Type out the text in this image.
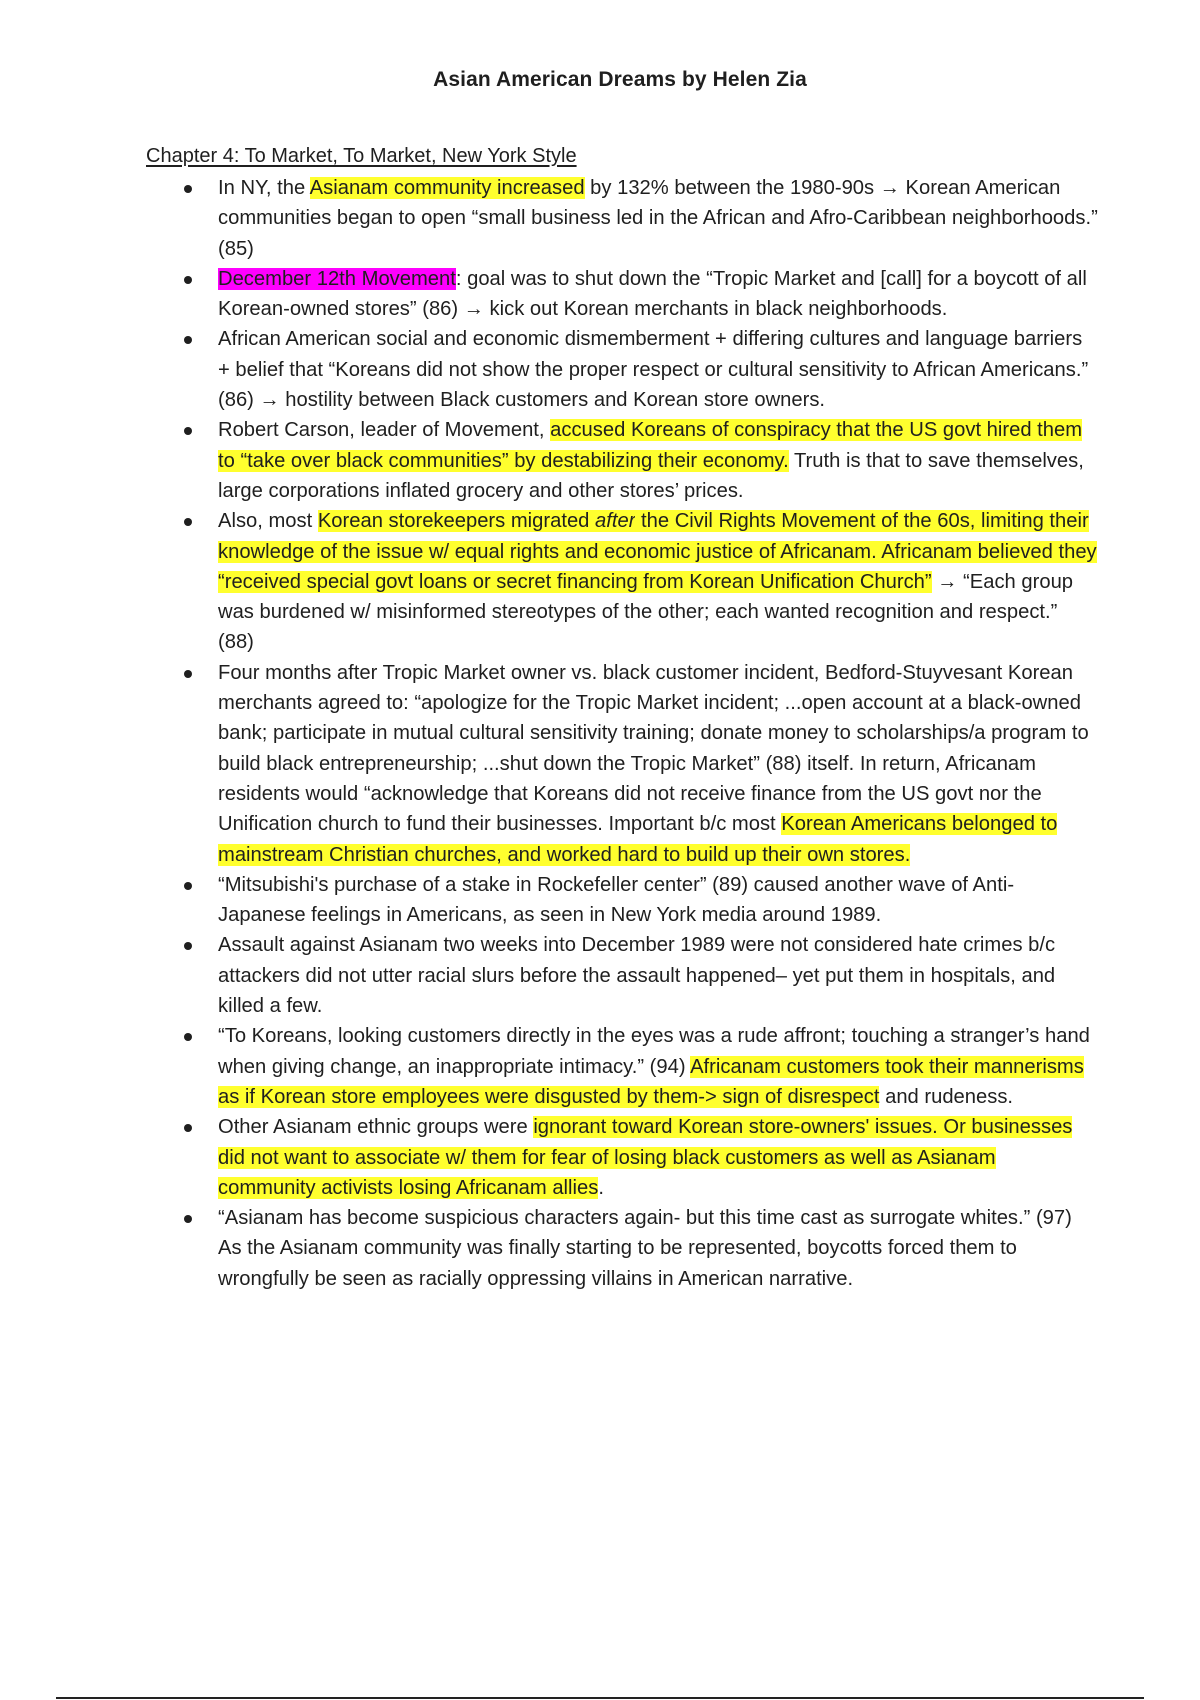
Asian American Dreams by Helen Zia
Chapter 4: To Market, To Market, New York Style
In NY, the Asianam community increased by 132% between the 1980-90s → Korean American communities began to open “small business led in the African and Afro-Caribbean neighborhoods.” (85)
December 12th Movement: goal was to shut down the “Tropic Market and [call] for a boycott of all Korean-owned stores” (86) → kick out Korean merchants in black neighborhoods.
African American social and economic dismemberment + differing cultures and language barriers + belief that “Koreans did not show the proper respect or cultural sensitivity to African Americans.” (86) → hostility between Black customers and Korean store owners.
Robert Carson, leader of Movement, accused Koreans of conspiracy that the US govt hired them to “take over black communities” by destabilizing their economy. Truth is that to save themselves, large corporations inflated grocery and other stores’ prices.
Also, most Korean storekeepers migrated after the Civil Rights Movement of the 60s, limiting their knowledge of the issue w/ equal rights and economic justice of Africanam. Africanam believed they “received special govt loans or secret financing from Korean Unification Church” → “Each group was burdened w/ misinformed stereotypes of the other; each wanted recognition and respect.” (88)
Four months after Tropic Market owner vs. black customer incident, Bedford-Stuyvesant Korean merchants agreed to: “apologize for the Tropic Market incident; ...open account at a black-owned bank; participate in mutual cultural sensitivity training; donate money to scholarships/a program to build black entrepreneurship; ...shut down the Tropic Market” (88) itself. In return, Africanam residents would “acknowledge that Koreans did not receive finance from the US govt nor the Unification church to fund their businesses. Important b/c most Korean Americans belonged to mainstream Christian churches, and worked hard to build up their own stores.
“Mitsubishi's purchase of a stake in Rockefeller center” (89) caused another wave of Anti-Japanese feelings in Americans, as seen in New York media around 1989.
Assault against Asianam two weeks into December 1989 were not considered hate crimes b/c attackers did not utter racial slurs before the assault happened– yet put them in hospitals, and killed a few.
“To Koreans, looking customers directly in the eyes was a rude affront; touching a stranger’s hand when giving change, an inappropriate intimacy.” (94) Africanam customers took their mannerisms as if Korean store employees were disgusted by them-> sign of disrespect and rudeness.
Other Asianam ethnic groups were ignorant toward Korean store-owners' issues. Or businesses did not want to associate w/ them for fear of losing black customers as well as Asianam community activists losing Africanam allies.
“Asianam has become suspicious characters again- but this time cast as surrogate whites.” (97) As the Asianam community was finally starting to be represented, boycotts forced them to wrongfully be seen as racially oppressing villains in American narrative.
